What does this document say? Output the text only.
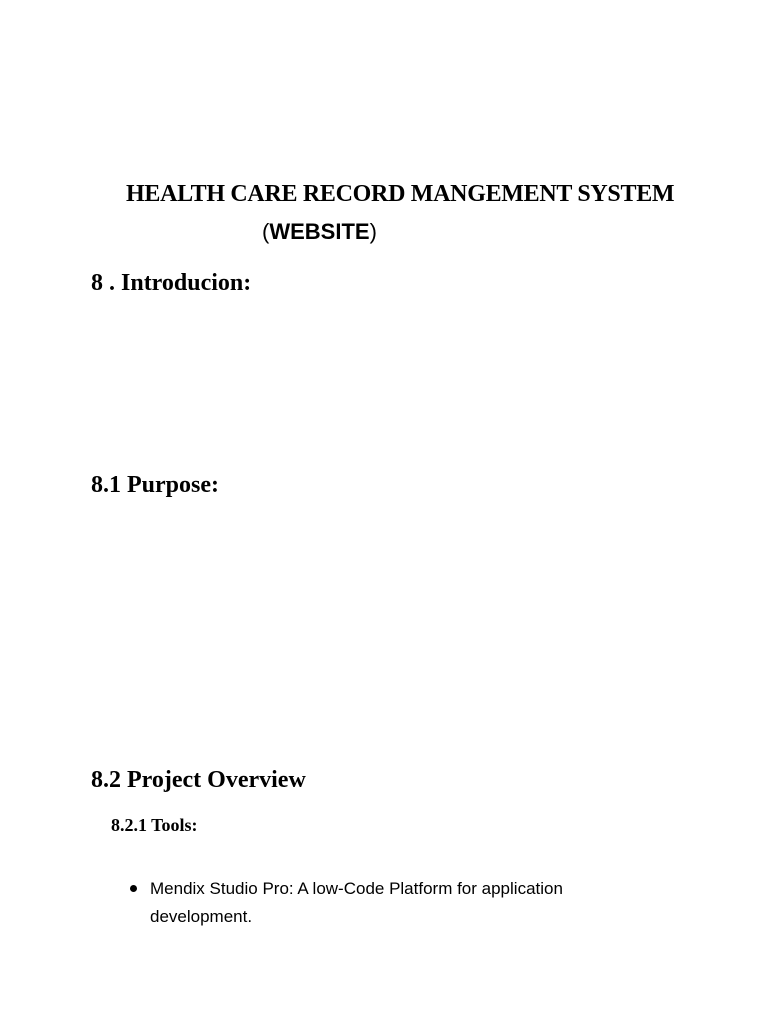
HEALTH CARE RECORD MANGEMENT SYSTEM
(WEBSITE)
8 . Introducion:
8.1 Purpose:
8.2 Project Overview
8.2.1 Tools:
Mendix Studio Pro: A low-Code Platform for application development.
